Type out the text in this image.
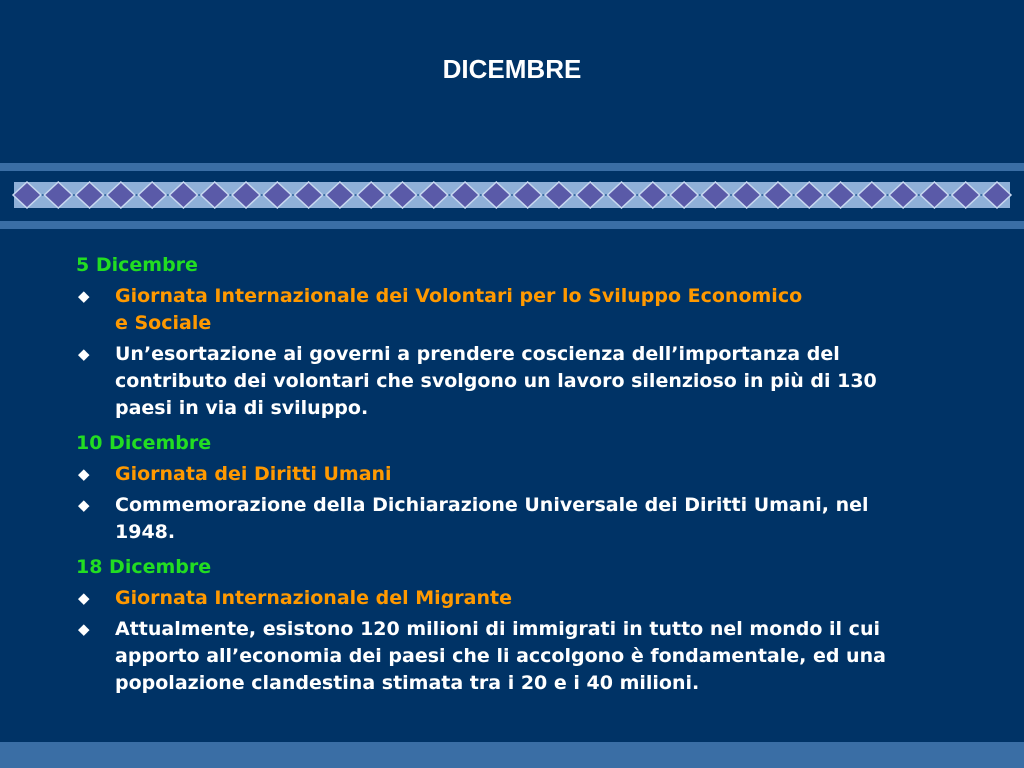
DICEMBRE
5 Dicembre
◆ Giornata Internazionale dei Volontari per lo Sviluppo Economico
e Sociale
◆ Un’esortazione ai governi a prendere coscienza dell’importanza del
contributo dei volontari che svolgono un lavoro silenzioso in più di 130
paesi in via di sviluppo.
10 Dicembre
◆ Giornata dei Diritti Umani
◆ Commemorazione della Dichiarazione Universale dei Diritti Umani, nel
1948.
18 Dicembre
◆ Giornata Internazionale del Migrante
◆ Attualmente, esistono 120 milioni di immigrati in tutto nel mondo il cui
apporto all’economia dei paesi che li accolgono è fondamentale, ed una
popolazione clandestina stimata tra i 20 e i 40 milioni.
